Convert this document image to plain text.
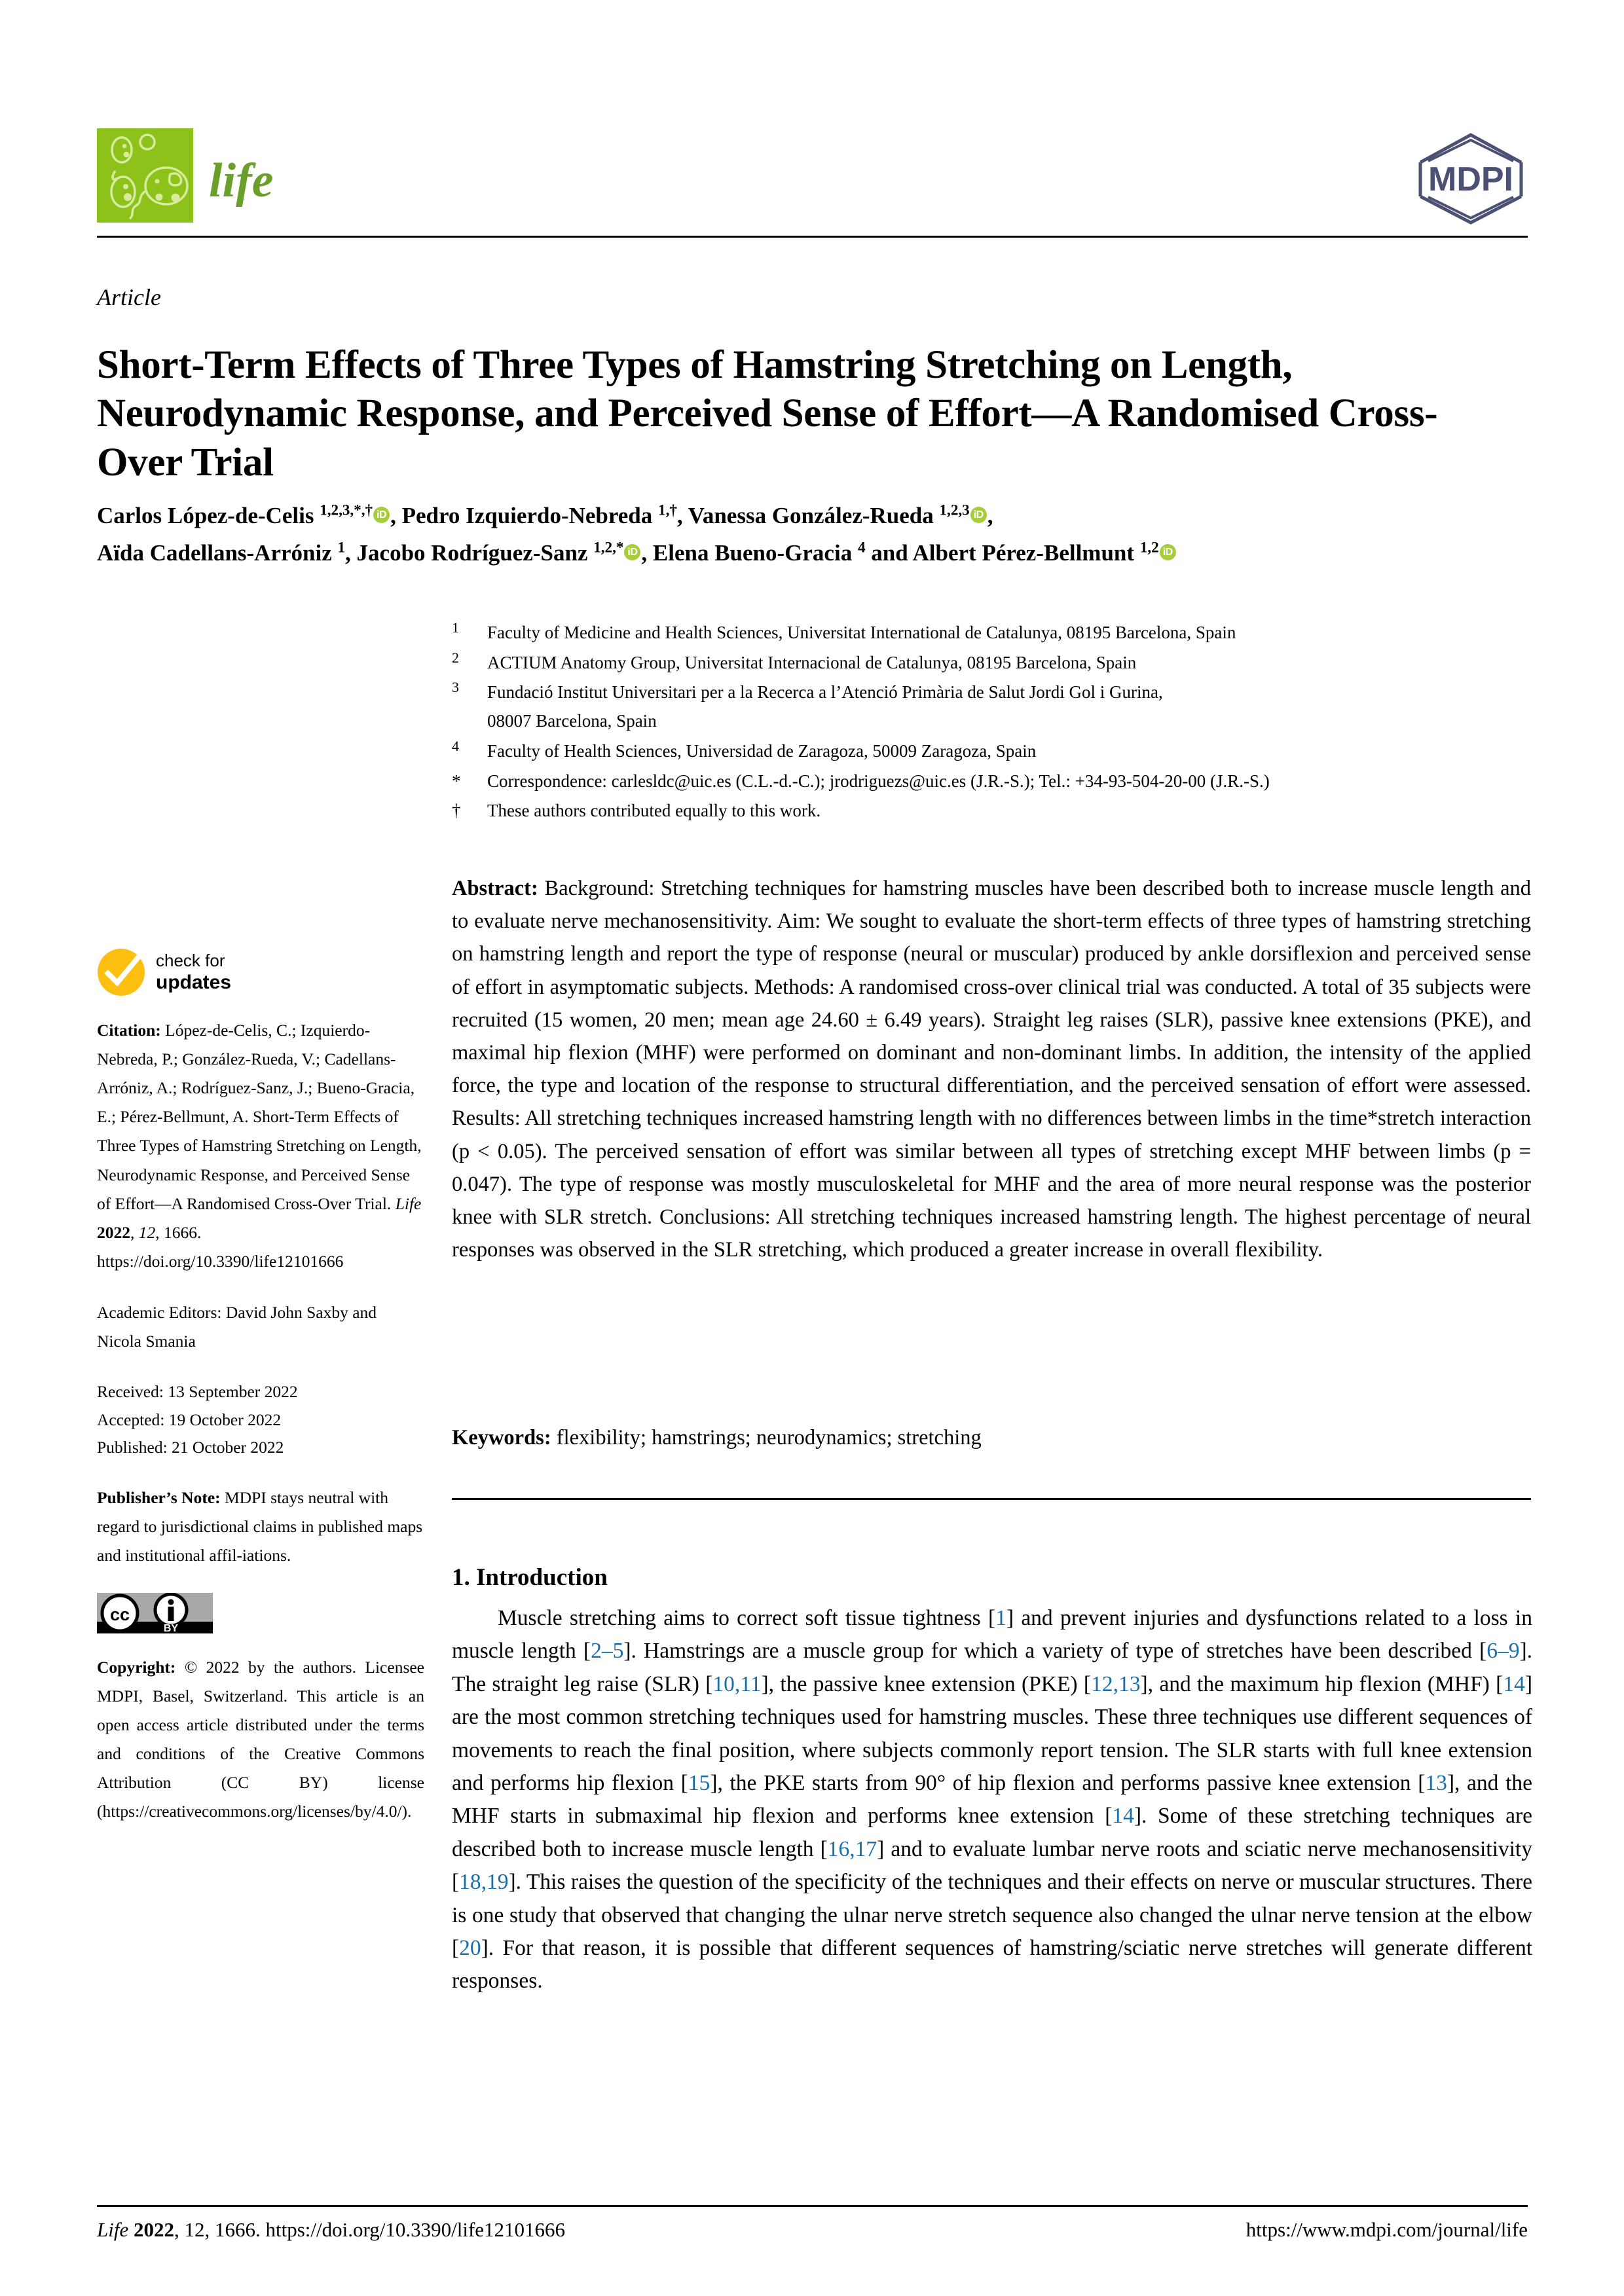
life	MDPI
Article
Short-Term Effects of Three Types of Hamstring Stretching on Length, Neurodynamic Response, and Perceived Sense of Effort—A Randomised Cross-Over Trial
Carlos López-de-Celis $^{1,2,3,*,\dagger}$ iD , Pedro Izquierdo-Nebreda $^{1,\dagger}$, Vanessa González-Rueda $^{1,2,3}$ iD ,
Aïda Cadellans-Arróniz $^1$, Jacobo Rodríguez-Sanz $^{1,2,*}$ iD , Elena Bueno-Gracia $^4$ and Albert Pérez-Bellmunt $^{1,2}$ iD
1	Faculty of Medicine and Health Sciences, Universitat International de Catalunya, 08195 Barcelona, Spain
2	ACTIUM Anatomy Group, Universitat Internacional de Catalunya, 08195 Barcelona, Spain
3	Fundació Institut Universitari per a la Recerca a l’Atenció Primària de Salut Jordi Gol i Gurina,
08007 Barcelona, Spain
4	Faculty of Health Sciences, Universidad de Zaragoza, 50009 Zaragoza, Spain
*	Correspondence: carlesldc@uic.es (C.L.-d.-C.); jrodriguezs@uic.es (J.R.-S.); Tel.: +34-93-504-20-00 (J.R.-S.)
†	These authors contributed equally to this work.
Abstract: Background: Stretching techniques for hamstring muscles have been described both to increase muscle length and to evaluate nerve mechanosensitivity. Aim: We sought to evaluate the short-term effects of three types of hamstring stretching on hamstring length and report the type of response (neural or muscular) produced by ankle dorsiflexion and perceived sense of effort in asymptomatic subjects. Methods: A randomised cross-over clinical trial was conducted. A total of 35 subjects were recruited (15 women, 20 men; mean age 24.60 ± 6.49 years). Straight leg raises (SLR), passive knee extensions (PKE), and maximal hip flexion (MHF) were performed on dominant and non-dominant limbs. In addition, the intensity of the applied force, the type and location of the response to structural differentiation, and the perceived sensation of effort were assessed. Results: All stretching techniques increased hamstring length with no differences between limbs in the time*stretch interaction (p < 0.05). The perceived sensation of effort was similar between all types of stretching except MHF between limbs (p = 0.047). The type of response was mostly musculoskeletal for MHF and the area of more neural response was the posterior knee with SLR stretch. Conclusions: All stretching techniques increased hamstring length. The highest percentage of neural responses was observed in the SLR stretching, which produced a greater increase in overall flexibility.
Keywords: flexibility; hamstrings; neurodynamics; stretching
1. Introduction
Muscle stretching aims to correct soft tissue tightness [1] and prevent injuries and dysfunctions related to a loss in muscle length [2–5]. Hamstrings are a muscle group for which a variety of type of stretches have been described [6–9]. The straight leg raise (SLR) [10,11], the passive knee extension (PKE) [12,13], and the maximum hip flexion (MHF) [14] are the most common stretching techniques used for hamstring muscles. These three techniques use different sequences of movements to reach the final position, where subjects commonly report tension. The SLR starts with full knee extension and performs hip flexion [15], the PKE starts from 90° of hip flexion and performs passive knee extension [13], and the MHF starts in submaximal hip flexion and performs knee extension [14]. Some of these stretching techniques are described both to increase muscle length [16,17] and to evaluate lumbar nerve roots and sciatic nerve mechanosensitivity [18,19]. This raises the question of the specificity of the techniques and their effects on nerve or muscular structures. There is one study that observed that changing the ulnar nerve stretch sequence also changed the ulnar nerve tension at the elbow [20]. For that reason, it is possible that different sequences of hamstring/sciatic nerve stretches will generate different responses.
check for
updates
Citation: López-de-Celis, C.; Izquierdo-Nebreda, P.; González-Rueda, V.; Cadellans-Arróniz, A.; Rodríguez-Sanz, J.; Bueno-Gracia, E.; Pérez-Bellmunt, A. Short-Term Effects of Three Types of Hamstring Stretching on Length, Neurodynamic Response, and Perceived Sense of Effort—A Randomised Cross-Over Trial. Life 2022, 12, 1666.  https://doi.org/10.3390/life12101666
Academic Editors: David John Saxby and Nicola Smania
Received: 13 September 2022
Accepted: 19 October 2022
Published: 21 October 2022
Publisher’s Note: MDPI stays neutral with regard to jurisdictional claims in published maps and institutional affil-iations.
cc
BY
Copyright: © 2022 by the authors. Licensee MDPI, Basel, Switzerland. This article is an open access article distributed under the terms and conditions of the Creative Commons Attribution (CC BY) license (https://creativecommons.org/licenses/by/4.0/).
Life 2022, 12, 1666. https://doi.org/10.3390/life12101666	https://www.mdpi.com/journal/life
